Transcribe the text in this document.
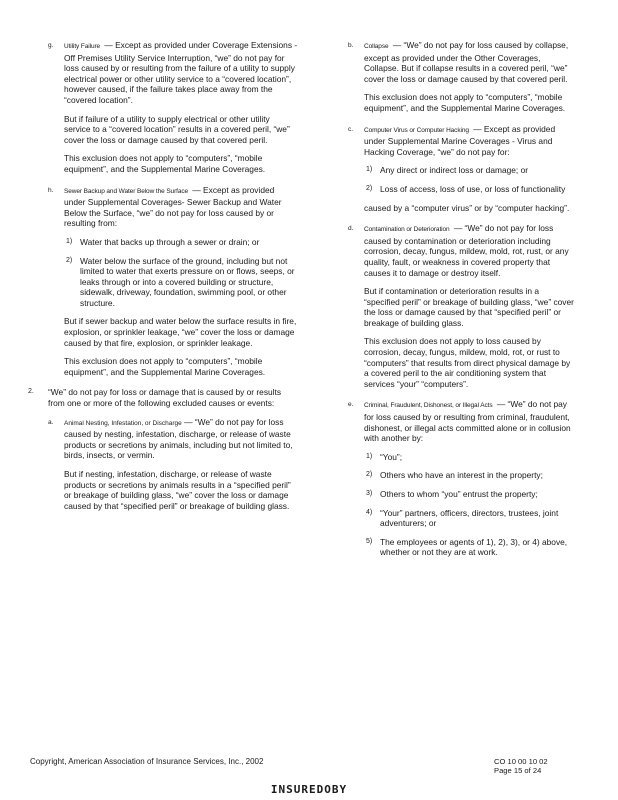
g. Utility Failure — Except as provided under Coverage Extensions - Off Premises Utility Service Interruption, “we” do not pay for loss caused by or resulting from the failure of a utility to supply electrical power or other utility service to a “covered location”, however caused, if the failure takes place away from the “covered location”.

But if failure of a utility to supply electrical or other utility service to a “covered location” results in a covered peril, “we” cover the loss or damage caused by that covered peril.

This exclusion does not apply to “computers”, “mobile equipment”, and the Supplemental Marine Coverages.

h. Sewer Backup and Water Below the Surface — Except as provided under Supplemental Coverages- Sewer Backup and Water Below the Surface, “we” do not pay for loss caused by or resulting from:

1) Water that backs up through a sewer or drain; or
2) Water below the surface of the ground, including but not limited to water that exerts pressure on or flows, seeps, or leaks through or into a covered building or structure, sidewalk, driveway, foundation, swimming pool, or other structure.

But if sewer backup and water below the surface results in fire, explosion, or sprinkler leakage, “we” cover the loss or damage caused by that fire, explosion, or sprinkler leakage.

This exclusion does not apply to “computers”, “mobile equipment”, and the Supplemental Marine Coverages.

2. “We” do not pay for loss or damage that is caused by or results from one or more of the following excluded causes or events:

a. Animal Nesting, Infestation, or Discharge — “We” do not pay for loss caused by nesting, infestation, discharge, or release of waste products or secretions by animals, including but not limited to, birds, insects, or vermin.

But if nesting, infestation, discharge, or release of waste products or secretions by animals results in a “specified peril” or breakage of building glass, “we” cover the loss or damage caused by that “specified peril” or breakage of building glass.

b. Collapse — “We” do not pay for loss caused by collapse, except as provided under the Other Coverages, Collapse. But if collapse results in a covered peril, “we” cover the loss or damage caused by that covered peril.

This exclusion does not apply to “computers”, “mobile equipment”, and the Supplemental Marine Coverages.

c. Computer Virus or Computer Hacking — Except as provided under Supplemental Marine Coverages - Virus and Hacking Coverage, “we” do not pay for:

1) Any direct or indirect loss or damage; or
2) Loss of access, loss of use, or loss of functionality

caused by a “computer virus” or by “computer hacking”.

d. Contamination or Deterioration — “We” do not pay for loss caused by contamination or deterioration including corrosion, decay, fungus, mildew, mold, rot, rust, or any quality, fault, or weakness in covered property that causes it to damage or destroy itself.

But if contamination or deterioration results in a “specified peril” or breakage of building glass, “we” cover the loss or damage caused by that “specified peril” or breakage of building glass.

This exclusion does not apply to loss caused by corrosion, decay, fungus, mildew, mold, rot, or rust to “computers” that results from direct physical damage by a covered peril to the air conditioning system that services “your” “computers”.

e. Criminal, Fraudulent, Dishonest, or Illegal Acts — “We” do not pay for loss caused by or resulting from criminal, fraudulent, dishonest, or illegal acts committed alone or in collusion with another by:

1) “You”;
2) Others who have an interest in the property;
3) Others to whom “you” entrust the property;
4) “Your” partners, officers, directors, trustees, joint adventurers; or
5) The employees or agents of 1), 2), 3), or 4) above, whether or not they are at work.
Copyright, American Association of Insurance Services, Inc., 2002	CO 10 00 10 02
Page 15 of 24
INSUREDOBY
